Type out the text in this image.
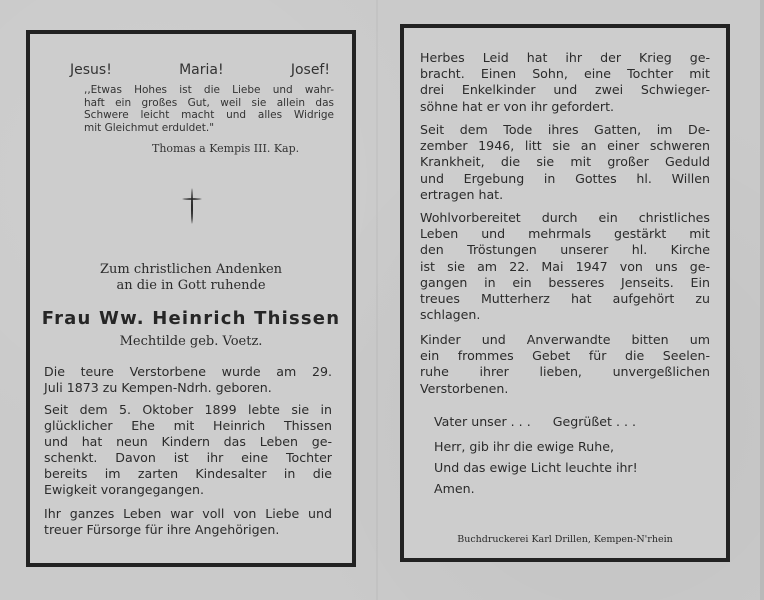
Jesus!	Maria!	Josef!
,,Etwas Hohes ist die Liebe und wahr-
haft ein großes Gut, weil sie allein das
Schwere leicht macht und alles Widrige
mit Gleichmut erduldet."
Thomas a Kempis III. Kap.
Zum christlichen Andenken
an die in Gott ruhende
Frau Ww. Heinrich Thissen
Mechtilde geb. Voetz.
Die teure Verstorbene wurde am 29.
Juli 1873 zu Kempen-Ndrh. geboren.
Seit dem 5. Oktober 1899 lebte sie in
glücklicher Ehe mit Heinrich Thissen
und hat neun Kindern das Leben ge-
schenkt. Davon ist ihr eine Tochter
bereits im zarten Kindesalter in die
Ewigkeit vorangegangen.
Ihr ganzes Leben war voll von Liebe und
treuer Fürsorge für ihre Angehörigen.
Herbes Leid hat ihr der Krieg ge-
bracht. Einen Sohn, eine Tochter mit
drei Enkelkinder und zwei Schwieger-
söhne hat er von ihr gefordert.
Seit dem Tode ihres Gatten, im De-
zember 1946, litt sie an einer schweren
Krankheit, die sie mit großer Geduld
und Ergebung in Gottes hl. Willen
ertragen hat.
Wohlvorbereitet durch ein christliches
Leben und mehrmals gestärkt mit
den Tröstungen unserer hl. Kirche
ist sie am 22. Mai 1947 von uns ge-
gangen in ein besseres Jenseits. Ein
treues Mutterherz hat aufgehört zu
schlagen.
Kinder und Anverwandte bitten um
ein frommes Gebet für die Seelen-
ruhe ihrer lieben, unvergeßlichen
Verstorbenen.
Vater unser . . . Gegrüßet . . .
Herr, gib ihr die ewige Ruhe,
Und das ewige Licht leuchte ihr!
Amen.
Buchdruckerei Karl Drillen, Kempen-N'rhein
